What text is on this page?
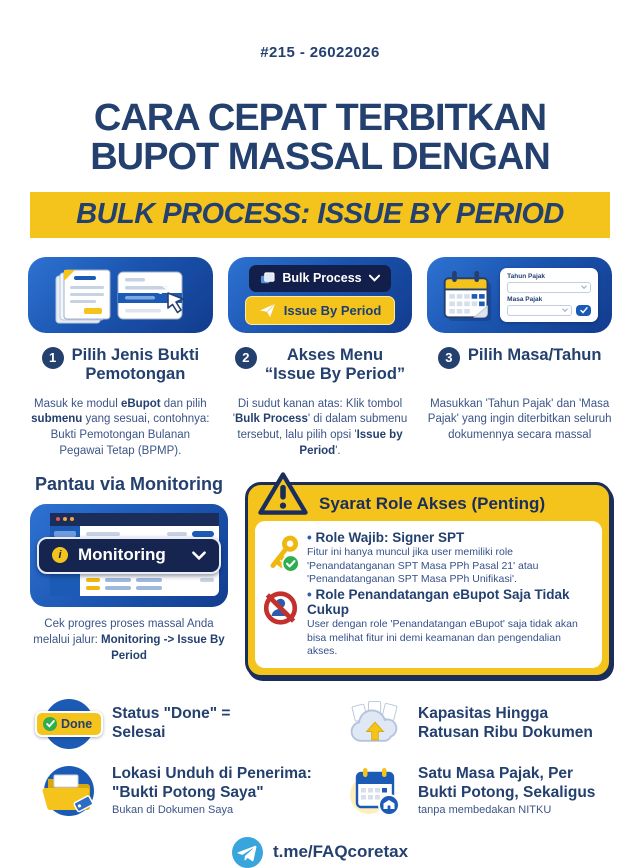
#215 - 26022026
CARA CEPAT TERBITKAN
BUPOT MASSAL DENGAN
BULK PROCESS: ISSUE BY PERIOD
1 Pilih Jenis Bukti
Pemotongan
Masuk ke modul eBupot dan pilih submenu yang sesuai, contohnya: Bukti Pemotongan Bulanan Pegawai Tetap (BPMP).
Bulk Process
Issue By Period
2	Akses Menu
“Issue By Period”
Di sudut kanan atas: Klik tombol 'Bulk Process' di dalam submenu tersebut, lalu pilih opsi 'Issue by Period'.
Tahun Pajak
Masa Pajak
3 Pilih Masa/Tahun
Masukkan 'Tahun Pajak' dan 'Masa Pajak' yang ingin diterbitkan seluruh dokumennya secara massal
Pantau via Monitoring
i Monitoring
Cek progres proses massal Anda melalui jalur: Monitoring -> Issue By Period
Syarat Role Akses (Penting)
• Role Wajib: Signer SPT
Fitur ini hanya muncul jika user memiliki role 'Penandatanganan SPT Masa PPh Pasal 21' atau 'Penandatanganan SPT Masa PPh Unifikasi'.
• Role Penandatangan eBupot Saja Tidak Cukup
User dengan role 'Penandatangan eBupot' saja tidak akan bisa melihat fitur ini demi keamanan dan pengendalian akses.
Done
Status "Done" =
Selesai
Kapasitas Hingga
Ratusan Ribu Dokumen
Lokasi Unduh di Penerima:
"Bukti Potong Saya"
Bukan di Dokumen Saya
Satu Masa Pajak, Per
Bukti Potong, Sekaligus
tanpa membedakan NITKU
t.me/FAQcoretax
